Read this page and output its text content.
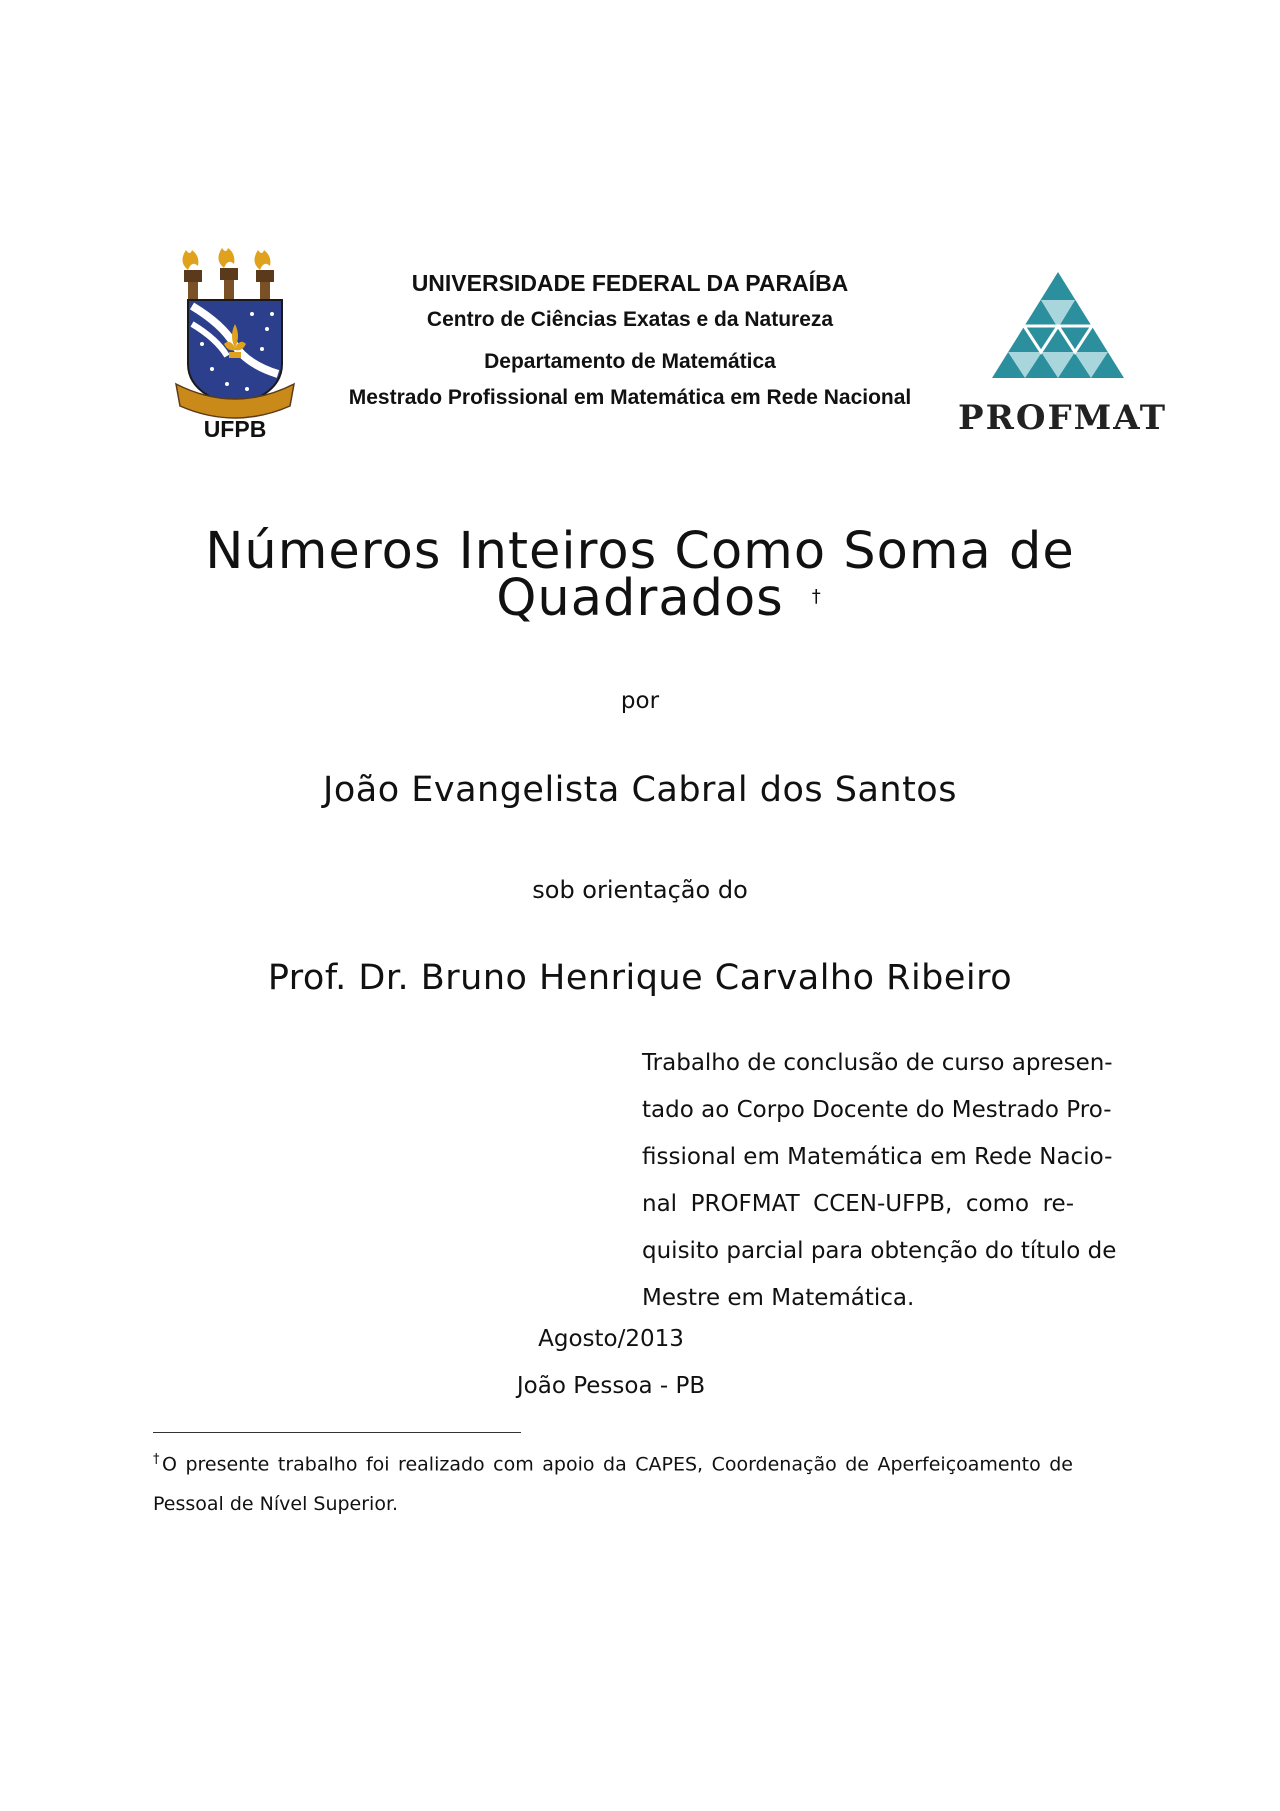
UFPB
UNIVERSIDADE FEDERAL DA PARAÍBA
Centro de Ciências Exatas e da Natureza
Departamento de Matemática
Mestrado Profissional em Matemática em Rede Nacional
PROFMAT
Números Inteiros Como Soma de
Quadrados †
por
João Evangelista Cabral dos Santos
sob orientação do
Prof. Dr. Bruno Henrique Carvalho Ribeiro
Trabalho de conclusão de curso apresen-
tado ao Corpo Docente do Mestrado Pro-
fissional em Matemática em Rede Nacio-
nal PROFMAT CCEN-UFPB, como re-
quisito parcial para obtenção do título de
Mestre em Matemática.
Agosto/2013
João Pessoa - PB
†O presente trabalho foi realizado com apoio da CAPES, Coordenação de Aperfeiçoamento de
Pessoal de Nível Superior.
